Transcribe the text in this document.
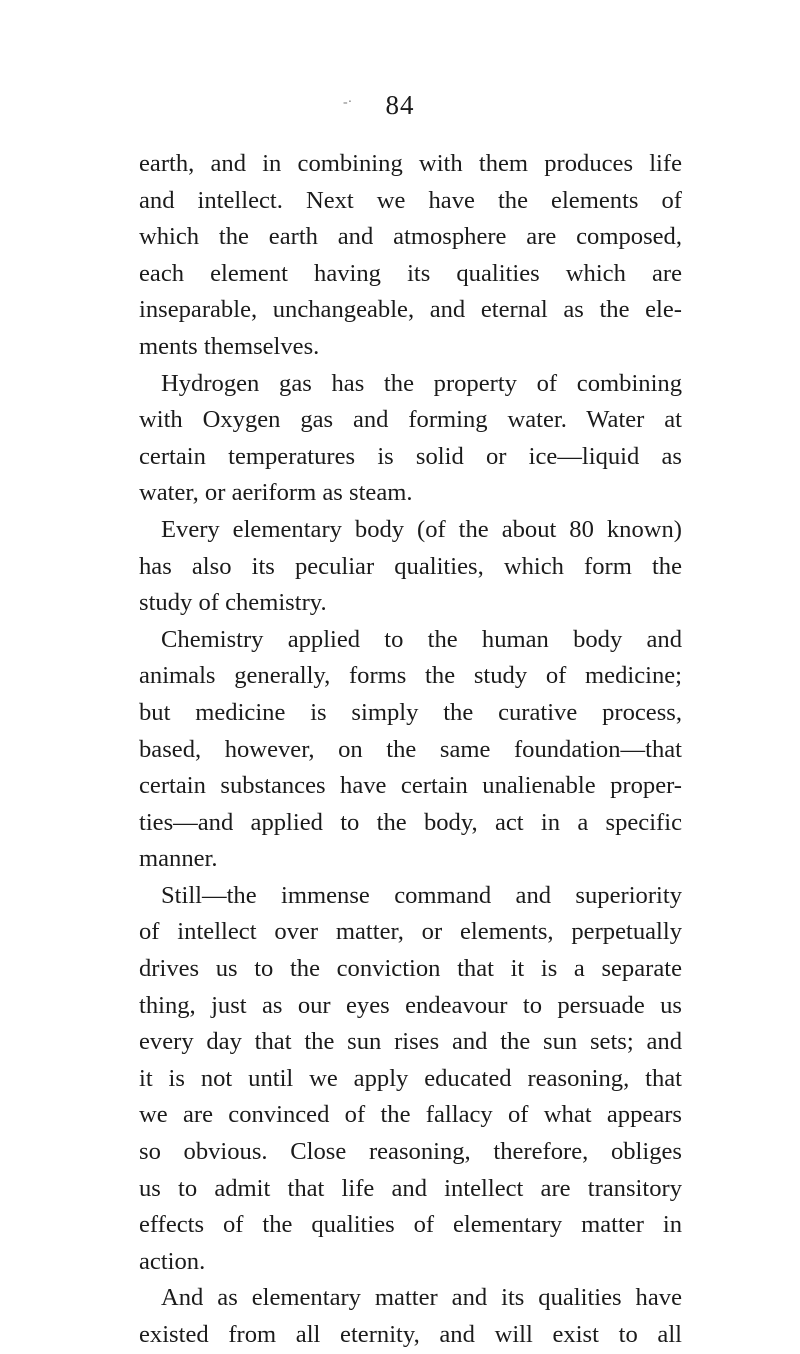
-·	84
earth, and in combining with them produces life
and intellect. Next we have the elements of
which the earth and atmosphere are composed,
each element having its qualities which are
inseparable, unchangeable, and eternal as the ele-
ments themselves.
Hydrogen gas has the property of combining
with Oxygen gas and forming water. Water at
certain temperatures is solid or ice—liquid as
water, or aeriform as steam.
Every elementary body (of the about 80 known)
has also its peculiar qualities, which form the
study of chemistry.
Chemistry applied to the human body and
animals generally, forms the study of medicine;
but medicine is simply the curative process,
based, however, on the same foundation—that
certain substances have certain unalienable proper-
ties—and applied to the body, act in a specific
manner.
Still—the immense command and superiority
of intellect over matter, or elements, perpetually
drives us to the conviction that it is a separate
thing, just as our eyes endeavour to persuade us
every day that the sun rises and the sun sets; and
it is not until we apply educated reasoning, that
we are convinced of the fallacy of what appears
so obvious. Close reasoning, therefore, obliges
us to admit that life and intellect are transitory
effects of the qualities of elementary matter in
action.
And as elementary matter and its qualities have
existed from all eternity, and will exist to all
